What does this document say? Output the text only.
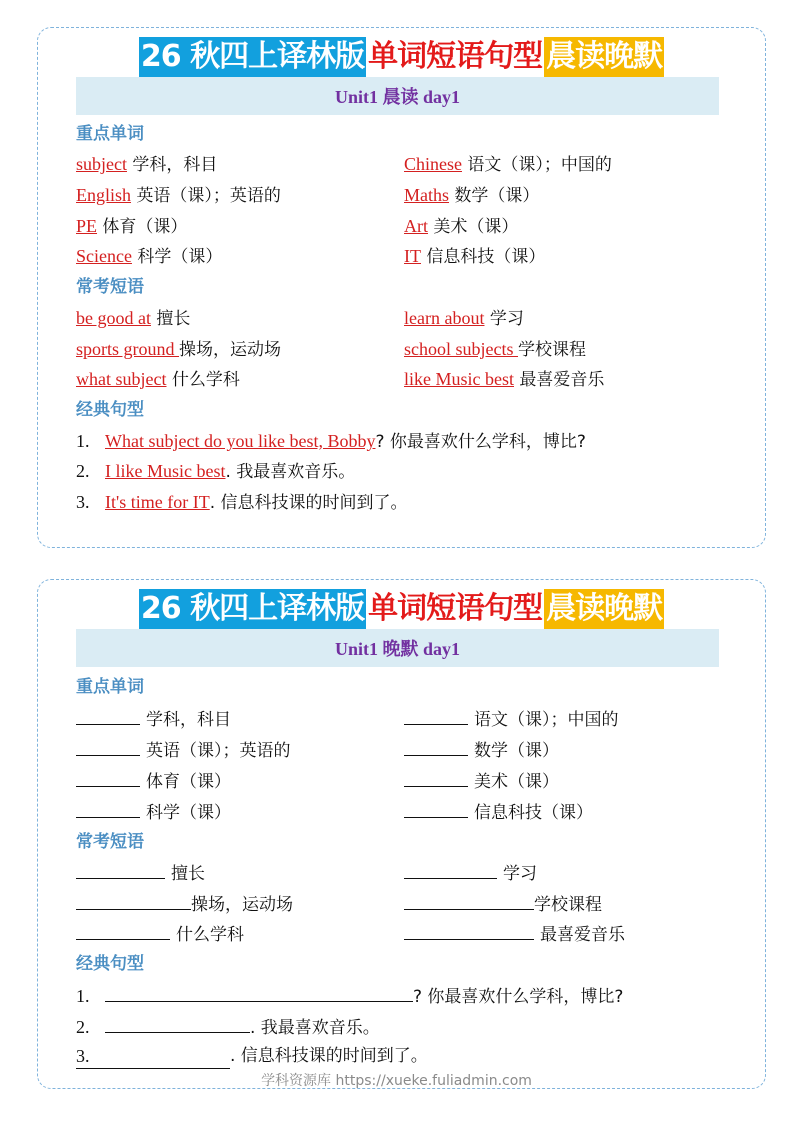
26 秋四上译林版 单词短语句型 晨读晚默
Unit1 晨读 day1
重点单词
subject 学科，科目	Chinese 语文（课）；中国的
English 英语（课）；英语的	Maths 数学（课）
PE 体育（课）	Art 美术（课）
Science 科学（课）	IT 信息科技（课）
常考短语
be good at 擅长	learn about 学习
sports ground 操场，运动场	school subjects 学校课程
what subject 什么学科	like Music best 最喜爱音乐
经典句型
1. What subject do you like best, Bobby? 你最喜欢什么学科，博比?
2. I like Music best. 我最喜欢音乐。
3. It's time for IT. 信息科技课的时间到了。
26 秋四上译林版 单词短语句型 晨读晚默
Unit1 晚默 day1
重点单词
学科，科目	语文（课）；中国的
英语（课）；英语的	数学（课）
体育（课）	美术（课）
科学（课）	信息科技（课）
常考短语
擅长	学习
操场，运动场	学校课程
什么学科	最喜爱音乐
经典句型
1.	? 你最喜欢什么学科，博比?
2.	. 我最喜欢音乐。
3.	. 信息科技课的时间到了。
学科资源库 https://xueke.fuliadmin.com
